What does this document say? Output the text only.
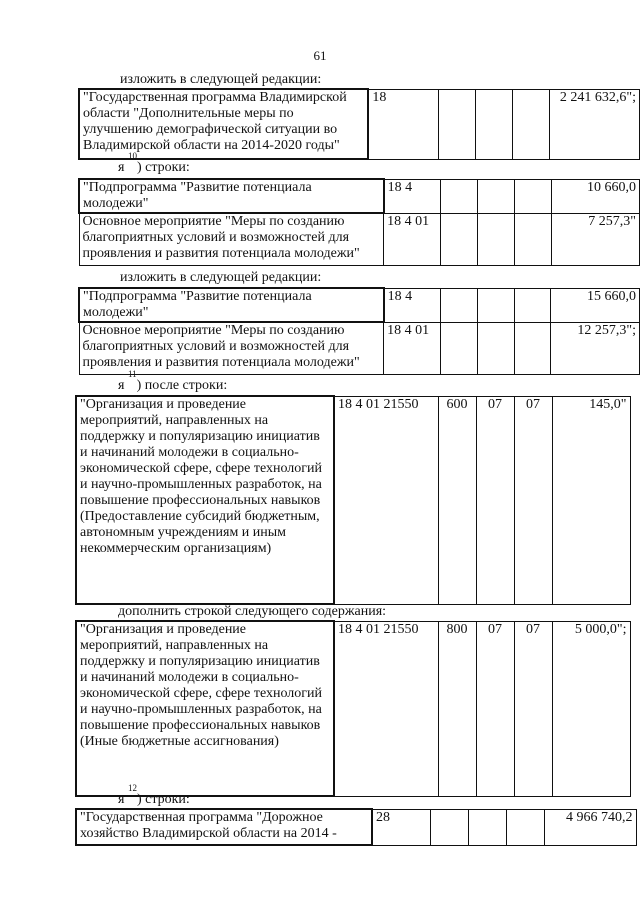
61
изложить в следующей редакции:
"Государственная программа Владимирской области "Дополнительные меры по улучшению демографической ситуации во Владимирской области на 2014-2020 годы"	18				2 241 632,6";
я $^{10}$) строки:
"Подпрограмма "Развитие потенциала молодежи"	18 4				10 660,0
Основное мероприятие "Меры по созданию благоприятных условий и возможностей для проявления и развития потенциала молодежи"	18 4 01				7 257,3"
изложить в следующей редакции:
"Подпрограмма "Развитие потенциала молодежи"	18 4				15 660,0
Основное мероприятие "Меры по созданию благоприятных условий и возможностей для проявления и развития потенциала молодежи"	18 4 01				12 257,3";
я $^{11}$) после строки:
"Организация и проведение мероприятий, направленных на поддержку и популяризацию инициатив и начинаний молодежи в социально-экономической сфере, сфере технологий и научно-промышленных разработок, на повышение профессиональных навыков (Предоставление субсидий бюджетным, автономным учреждениям и иным некоммерческим организациям)	18 4 01 21550	600	07	07	145,0"
дополнить строкой следующего содержания:
"Организация и проведение мероприятий, направленных на поддержку и популяризацию инициатив и начинаний молодежи в социально-экономической сфере, сфере технологий и научно-промышленных разработок, на повышение профессиональных навыков (Иные бюджетные ассигнования)	18 4 01 21550	800	07	07	5 000,0";
я $^{12}$) строки:
"Государственная программа "Дорожное хозяйство Владимирской области на 2014 -	28				4 966 740,2
